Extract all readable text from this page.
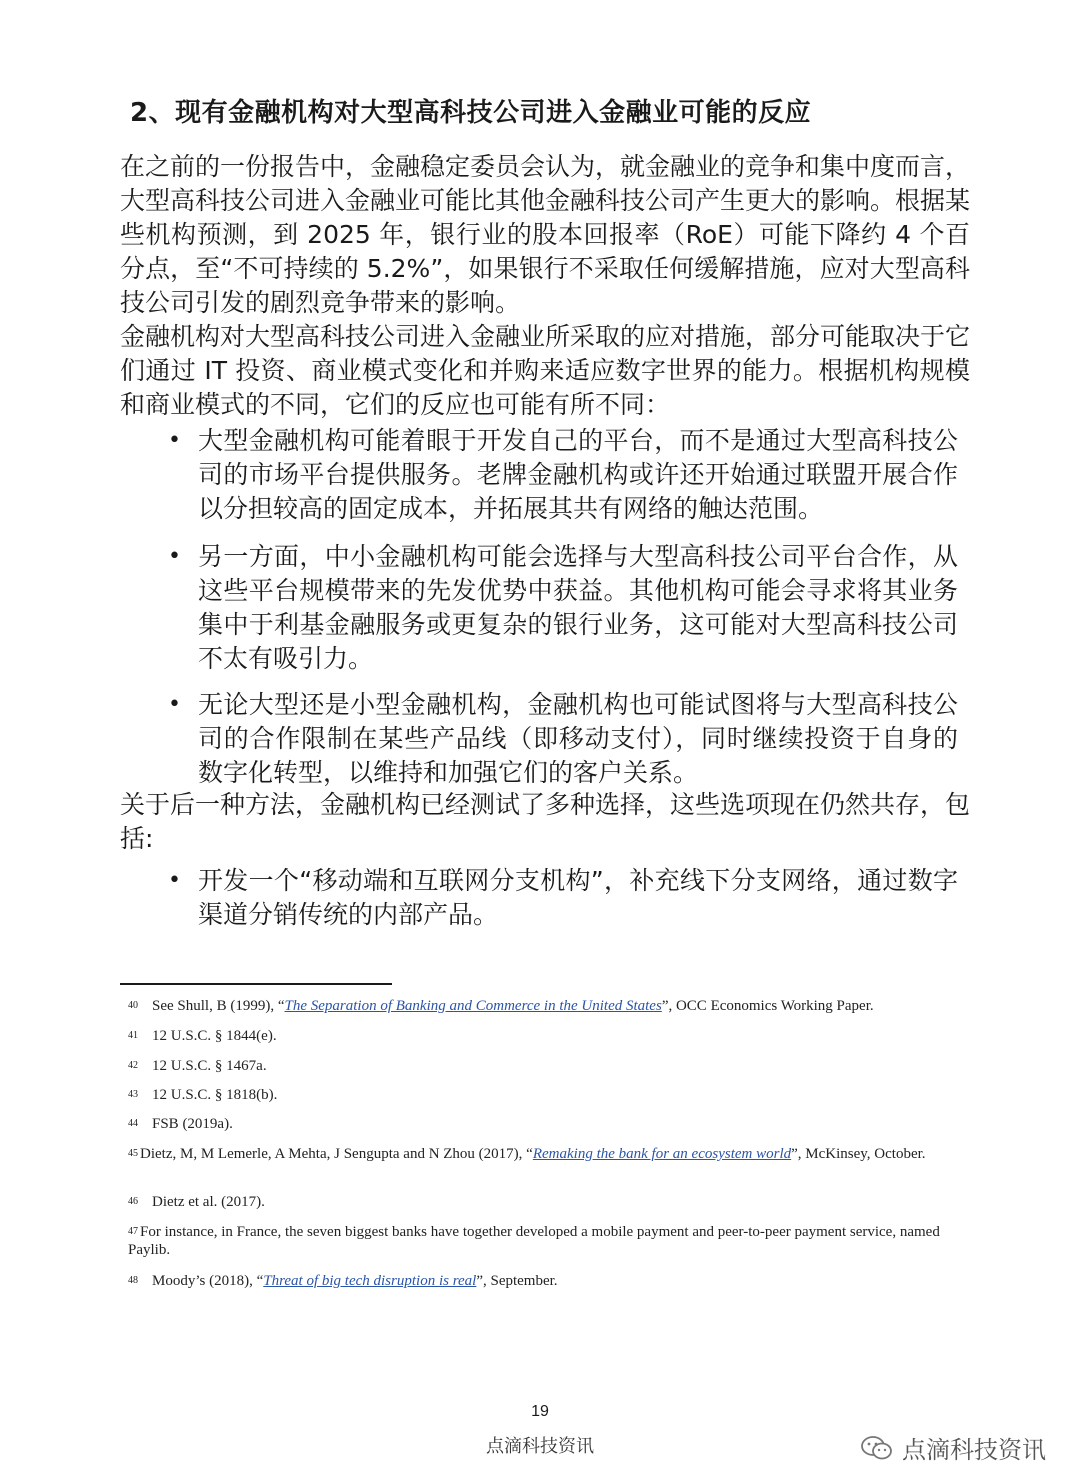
2、现有金融机构对大型高科技公司进入金融业可能的反应

在之前的一份报告中，金融稳定委员会认为，就金融业的竞争和集中度而言，大型高科技公司进入金融业可能比其他金融科技公司产生更大的影响。根据某些机构预测，到 2025 年，银行业的股本回报率（RoE）可能下降约 4 个百分点，至“不可持续的 5.2%”，如果银行不采取任何缓解措施，应对大型高科技公司引发的剧烈竞争带来的影响。

金融机构对大型高科技公司进入金融业所采取的应对措施，部分可能取决于它们通过 IT 投资、商业模式变化和并购来适应数字世界的能力。根据机构规模和商业模式的不同，它们的反应也可能有所不同：

• 大型金融机构可能着眼于开发自己的平台，而不是通过大型高科技公司的市场平台提供服务。老牌金融机构或许还开始通过联盟开展合作以分担较高的固定成本，并拓展其共有网络的触达范围。
• 另一方面，中小金融机构可能会选择与大型高科技公司平台合作，从这些平台规模带来的先发优势中获益。其他机构可能会寻求将其业务集中于利基金融服务或更复杂的银行业务，这可能对大型高科技公司不太有吸引力。
• 无论大型还是小型金融机构，金融机构也可能试图将与大型高科技公司的合作限制在某些产品线（即移动支付），同时继续投资于自身的数字化转型，以维持和加强它们的客户关系。

关于后一种方法，金融机构已经测试了多种选择，这些选项现在仍然共存，包括:

• 开发一个“移动端和互联网分支机构”，补充线下分支网络，通过数字渠道分销传统的内部产品。
$^{40}$ See Shull, B (1999), “The Separation of Banking and Commerce in the United States”, OCC Economics Working Paper.
$^{41}$ 12 U.S.C. § 1844(e).
$^{42}$ 12 U.S.C. § 1467a.
$^{43}$ 12 U.S.C. § 1818(b).
$^{44}$ FSB (2019a).
$^{45}$ Dietz, M, M Lemerle, A Mehta, J Sengupta and N Zhou (2017), “Remaking the bank for an ecosystem world”, McKinsey, October.
$^{46}$ Dietz et al. (2017).
$^{47}$ For instance, in France, the seven biggest banks have together developed a mobile payment and peer-to-peer payment service, named Paylib.
$^{48}$ Moody’s (2018), “Threat of big tech disruption is real”, September.
19
点滴科技资讯	点滴科技资讯
